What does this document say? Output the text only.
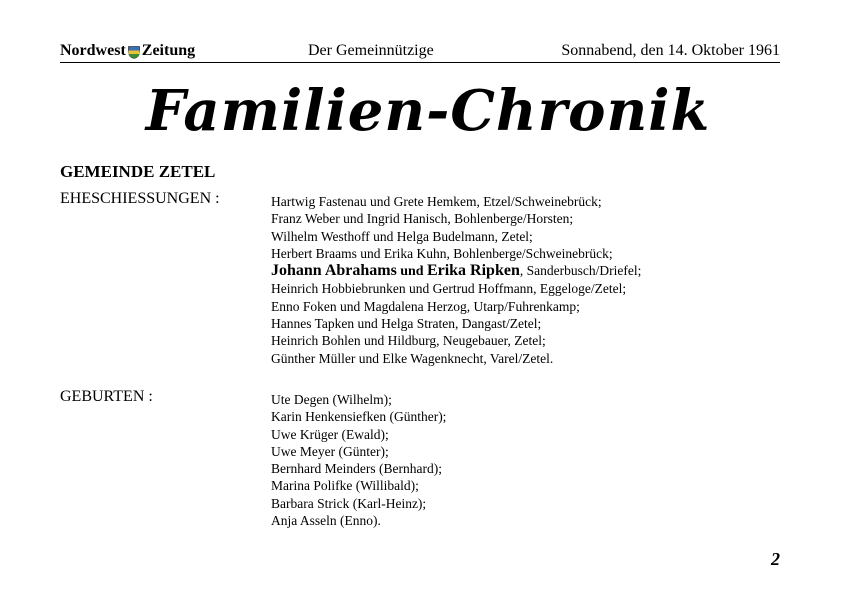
Nordwest Zeitung	Der Gemeinnützige	Sonnabend, den 14. Oktober 1961
Familien-Chronik
GEMEINDE ZETEL
EHESCHIESSUNGEN :	Hartwig Fastenau und Grete Hemkem, Etzel/Schweinebrück;
Franz Weber und Ingrid Hanisch, Bohlenberge/Horsten;
Wilhelm Westhoff und Helga Budelmann, Zetel;
Herbert Braams und Erika Kuhn, Bohlenberge/Schweinebrück;
Johann Abrahams und Erika Ripken, Sanderbusch/Driefel;
Heinrich Hobbiebrunken und Gertrud Hoffmann, Eggeloge/Zetel;
Enno Foken und Magdalena Herzog, Utarp/Fuhrenkamp;
Hannes Tapken und Helga Straten, Dangast/Zetel;
Heinrich Bohlen und Hildburg, Neugebauer, Zetel;
Günther Müller und Elke Wagenknecht, Varel/Zetel.
GEBURTEN :	Ute Degen (Wilhelm);
Karin Henkensiefken (Günther);
Uwe Krüger (Ewald);
Uwe Meyer (Günter);
Bernhard Meinders (Bernhard);
Marina Polifke (Willibald);
Barbara Strick (Karl-Heinz);
Anja Asseln (Enno).
2
